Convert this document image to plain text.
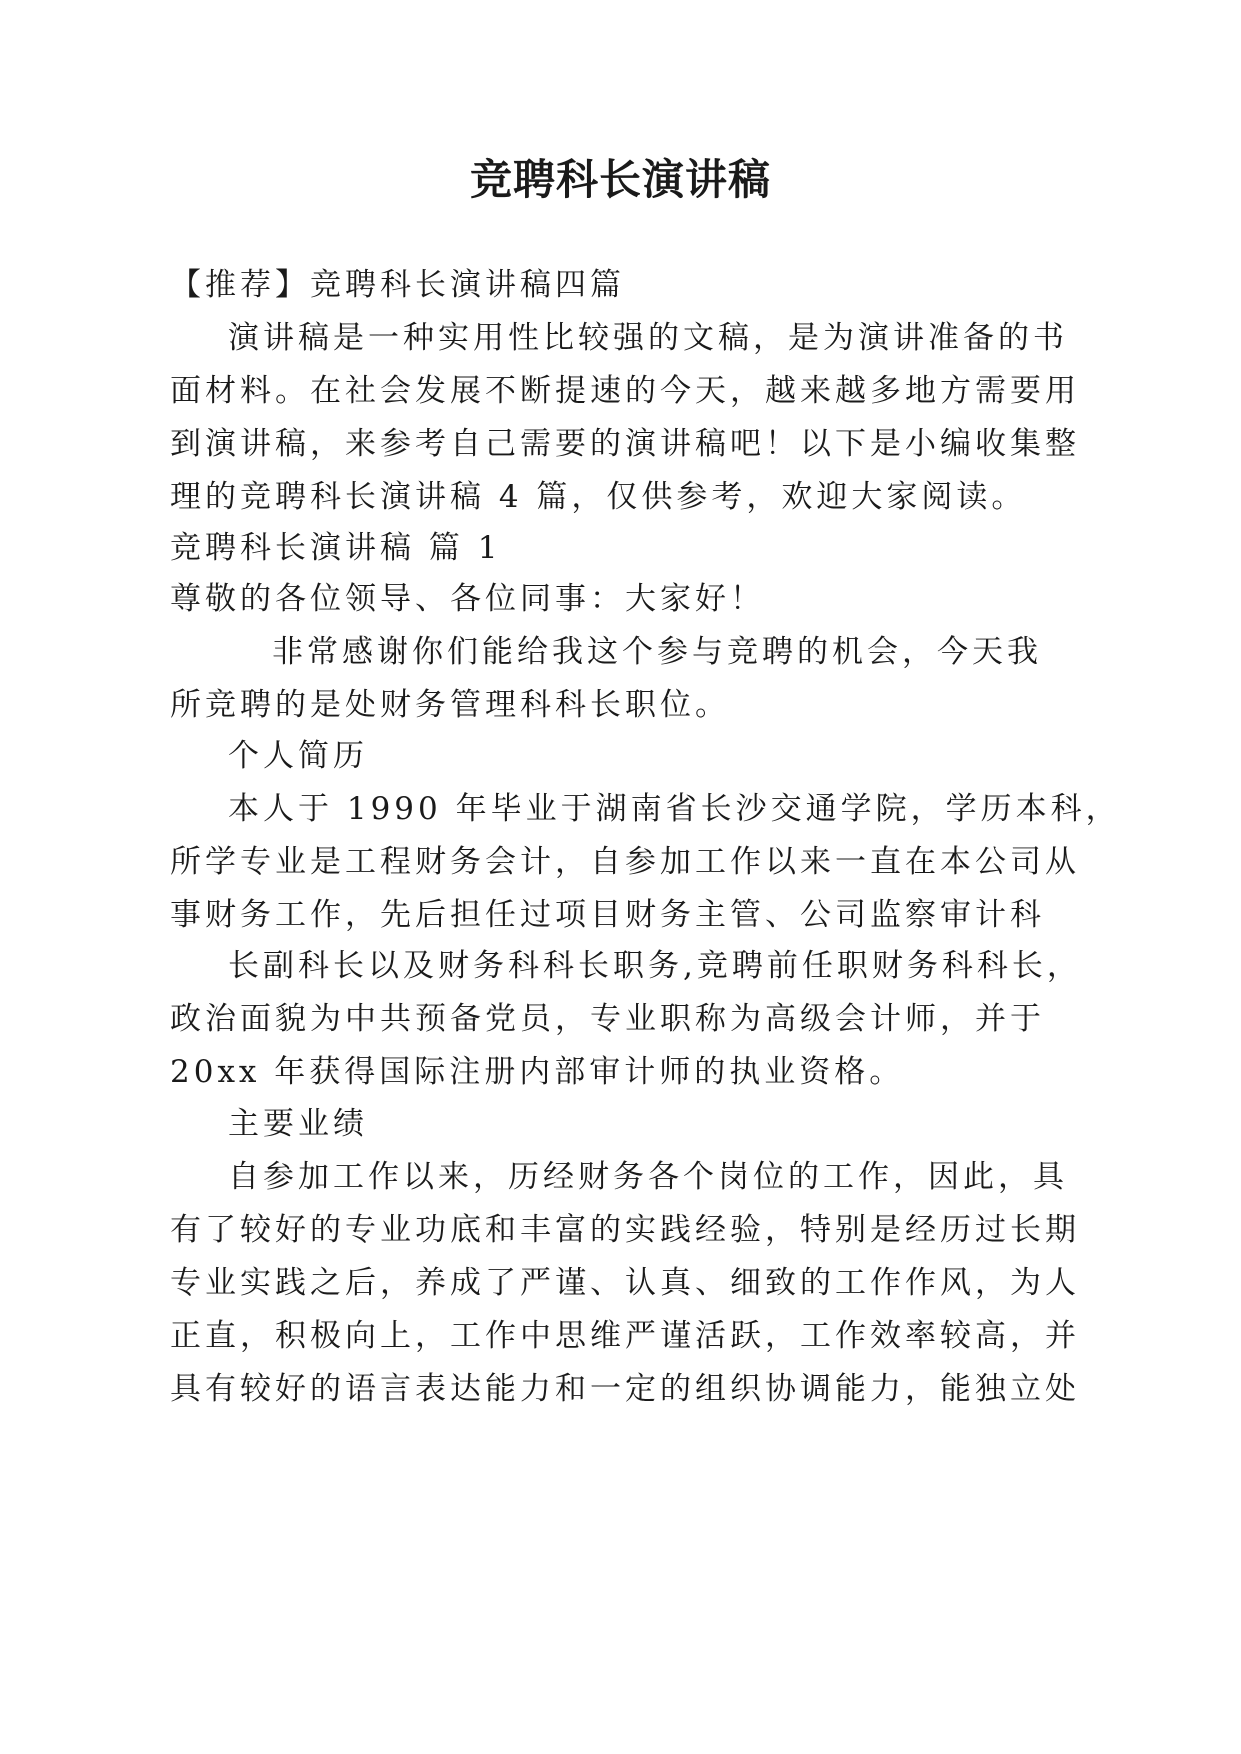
竞聘科长演讲稿
【推荐】竞聘科长演讲稿四篇
演讲稿是一种实用性比较强的文稿，是为演讲准备的书
面材料。在社会发展不断提速的今天，越来越多地方需要用
到演讲稿，来参考自己需要的演讲稿吧！以下是小编收集整
理的竞聘科长演讲稿 4 篇，仅供参考，欢迎大家阅读。
竞聘科长演讲稿 篇 1
尊敬的各位领导、各位同事：大家好！
非常感谢你们能给我这个参与竞聘的机会，今天我
所竞聘的是处财务管理科科长职位。
个人简历
本人于 1990 年毕业于湖南省长沙交通学院，学历本科，
所学专业是工程财务会计，自参加工作以来一直在本公司从
事财务工作，先后担任过项目财务主管、公司监察审计科
长副科长以及财务科科长职务,竞聘前任职财务科科长，
政治面貌为中共预备党员，专业职称为高级会计师，并于
20xx 年获得国际注册内部审计师的执业资格。
主要业绩
自参加工作以来，历经财务各个岗位的工作，因此，具
有了较好的专业功底和丰富的实践经验，特别是经历过长期
专业实践之后，养成了严谨、认真、细致的工作作风，为人
正直，积极向上，工作中思维严谨活跃，工作效率较高，并
具有较好的语言表达能力和一定的组织协调能力，能独立处
